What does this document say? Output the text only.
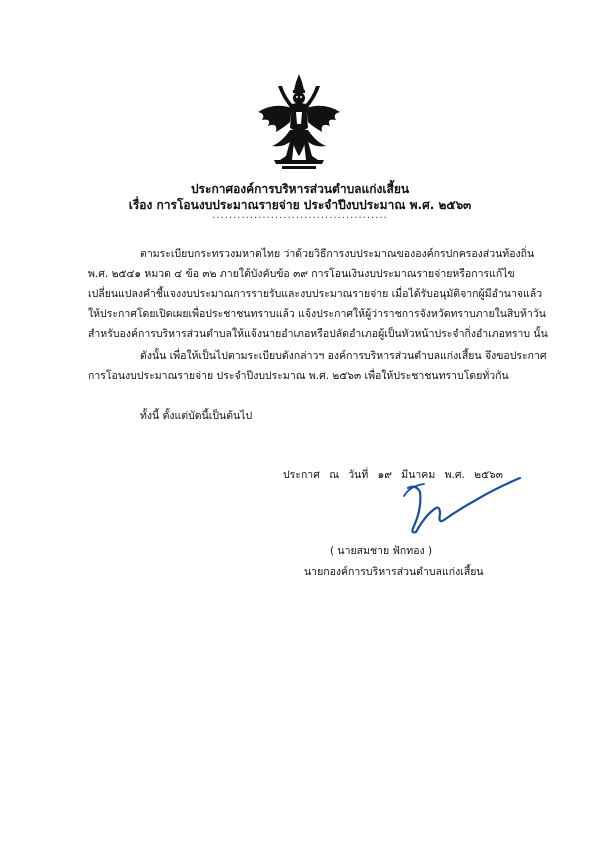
ประกาศองค์การบริหารส่วนตำบลแก่งเสี้ยน
เรื่อง การโอนงบประมาณรายจ่าย ประจำปีงบประมาณ พ.ศ. ๒๕๖๓
..........................................
ตามระเบียบกระทรวงมหาดไทย ว่าด้วยวิธีการงบประมาณขององค์กรปกครองส่วนท้องถิ่น พ.ศ. ๒๕๔๑ หมวด ๔ ข้อ ๓๒ ภายใต้บังคับข้อ ๓๙ การโอนเงินงบประมาณรายจ่ายหรือการแก้ไขเปลี่ยนแปลงคำชี้แจงงบประมาณการรายรับและงบประมาณรายจ่าย เมื่อได้รับอนุมัติจากผู้มีอำนาจแล้วให้ประกาศโดยเปิดเผยเพื่อประชาชนทราบแล้ว แจ้งประกาศให้ผู้ว่าราชการจังหวัดทราบภายในสิบห้าวัน สำหรับองค์การบริหารส่วนตำบลให้แจ้งนายอำเภอหรือปลัดอำเภอผู้เป็นหัวหน้าประจำกิ่งอำเภอทราบ นั้น
ดังนั้น เพื่อให้เป็นไปตามระเบียบดังกล่าวฯ องค์การบริหารส่วนตำบลแก่งเสี้ยน จึงขอประกาศการโอนงบประมาณรายจ่าย ประจำปีงบประมาณ พ.ศ. ๒๕๖๓ เพื่อให้ประชาชนทราบโดยทั่วกัน
ทั้งนี้ ตั้งแต่บัดนี้เป็นต้นไป
ประกาศ ณ วันที่ ๑๙ มีนาคม พ.ศ. ๒๕๖๓
( นายสมชาย ฟักทอง )
นายกองค์การบริหารส่วนตำบลแก่งเสี้ยน
